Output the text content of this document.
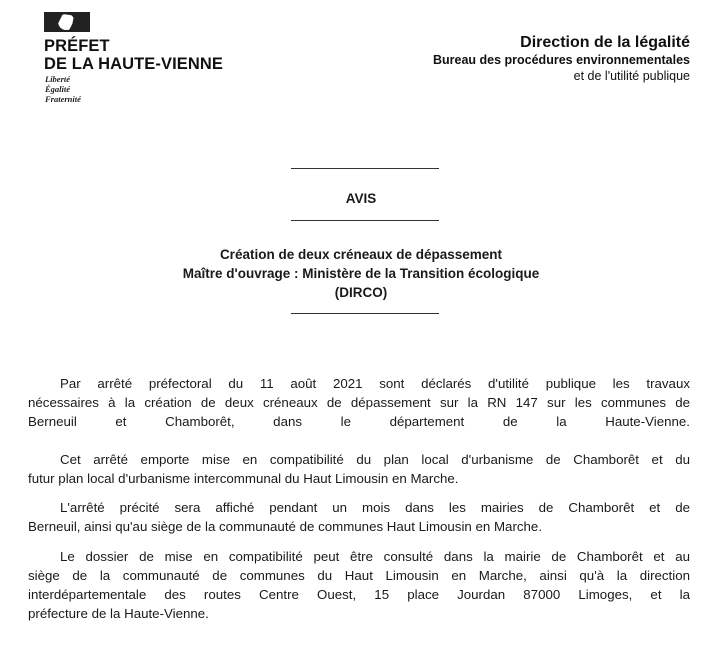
PRÉFET
DE LA HAUTE-VIENNE
Liberté
Égalité
Fraternité
Direction de la légalité
Bureau des procédures environnementales
et de l'utilité publique
AVIS
Création de deux créneaux de dépassement
Maître d'ouvrage : Ministère de la Transition écologique
(DIRCO)
Par arrêté préfectoral du 11 août 2021 sont déclarés d'utilité publique les travaux
nécessaires à la création de deux créneaux de dépassement sur la RN 147 sur les communes de
Berneuil et Chamborêt, dans le département de la Haute-Vienne.
Cet arrêté emporte mise en compatibilité du plan local d'urbanisme de Chamborêt et du
futur plan local d'urbanisme intercommunal du Haut Limousin en Marche.
L'arrêté précité sera affiché pendant un mois dans les mairies de Chamborêt et de
Berneuil, ainsi qu'au siège de la communauté de communes Haut Limousin en Marche.
Le dossier de mise en compatibilité peut être consulté dans la mairie de Chamborêt et au
siège de la communauté de communes du Haut Limousin en Marche, ainsi qu'à la direction
interdépartementale des routes Centre Ouest, 15 place Jourdan 87000 Limoges, et la
préfecture de la Haute-Vienne.
